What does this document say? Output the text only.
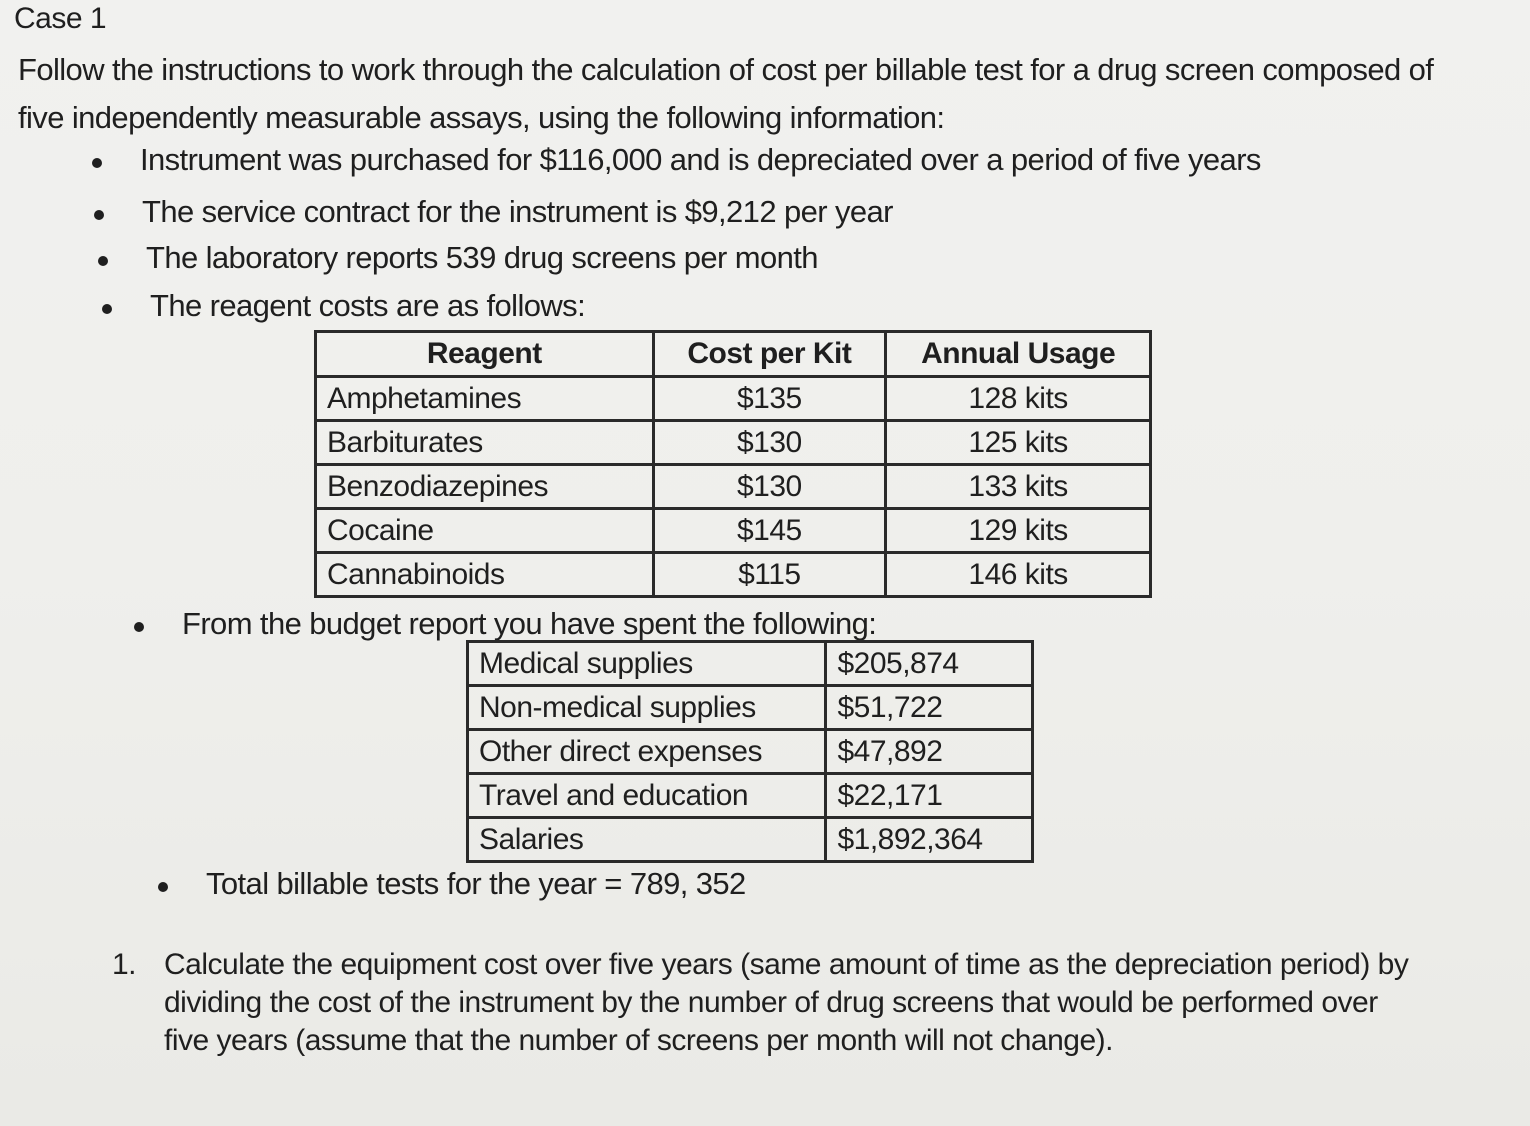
Case 1

Follow the instructions to work through the calculation of cost per billable test for a drug screen composed of five independently measurable assays, using the following information:

Instrument was purchased for $116,000 and is depreciated over a period of five years

The service contract for the instrument is $9,212 per year

The laboratory reports 539 drug screens per month

The reagent costs are as follows:

Reagent	Cost per Kit	Annual Usage
Amphetamines	$135	128 kits
Barbiturates	$130	125 kits
Benzodiazepines	$130	133 kits
Cocaine	$145	129 kits
Cannabinoids	$115	146 kits

From the budget report you have spent the following:

Medical supplies	$205,874
Non-medical supplies	$51,722
Other direct expenses	$47,892
Travel and education	$22,171
Salaries	$1,892,364

Total billable tests for the year = 789, 352

1. Calculate the equipment cost over five years (same amount of time as the depreciation period) by dividing the cost of the instrument by the number of drug screens that would be performed over five years (assume that the number of screens per month will not change).
